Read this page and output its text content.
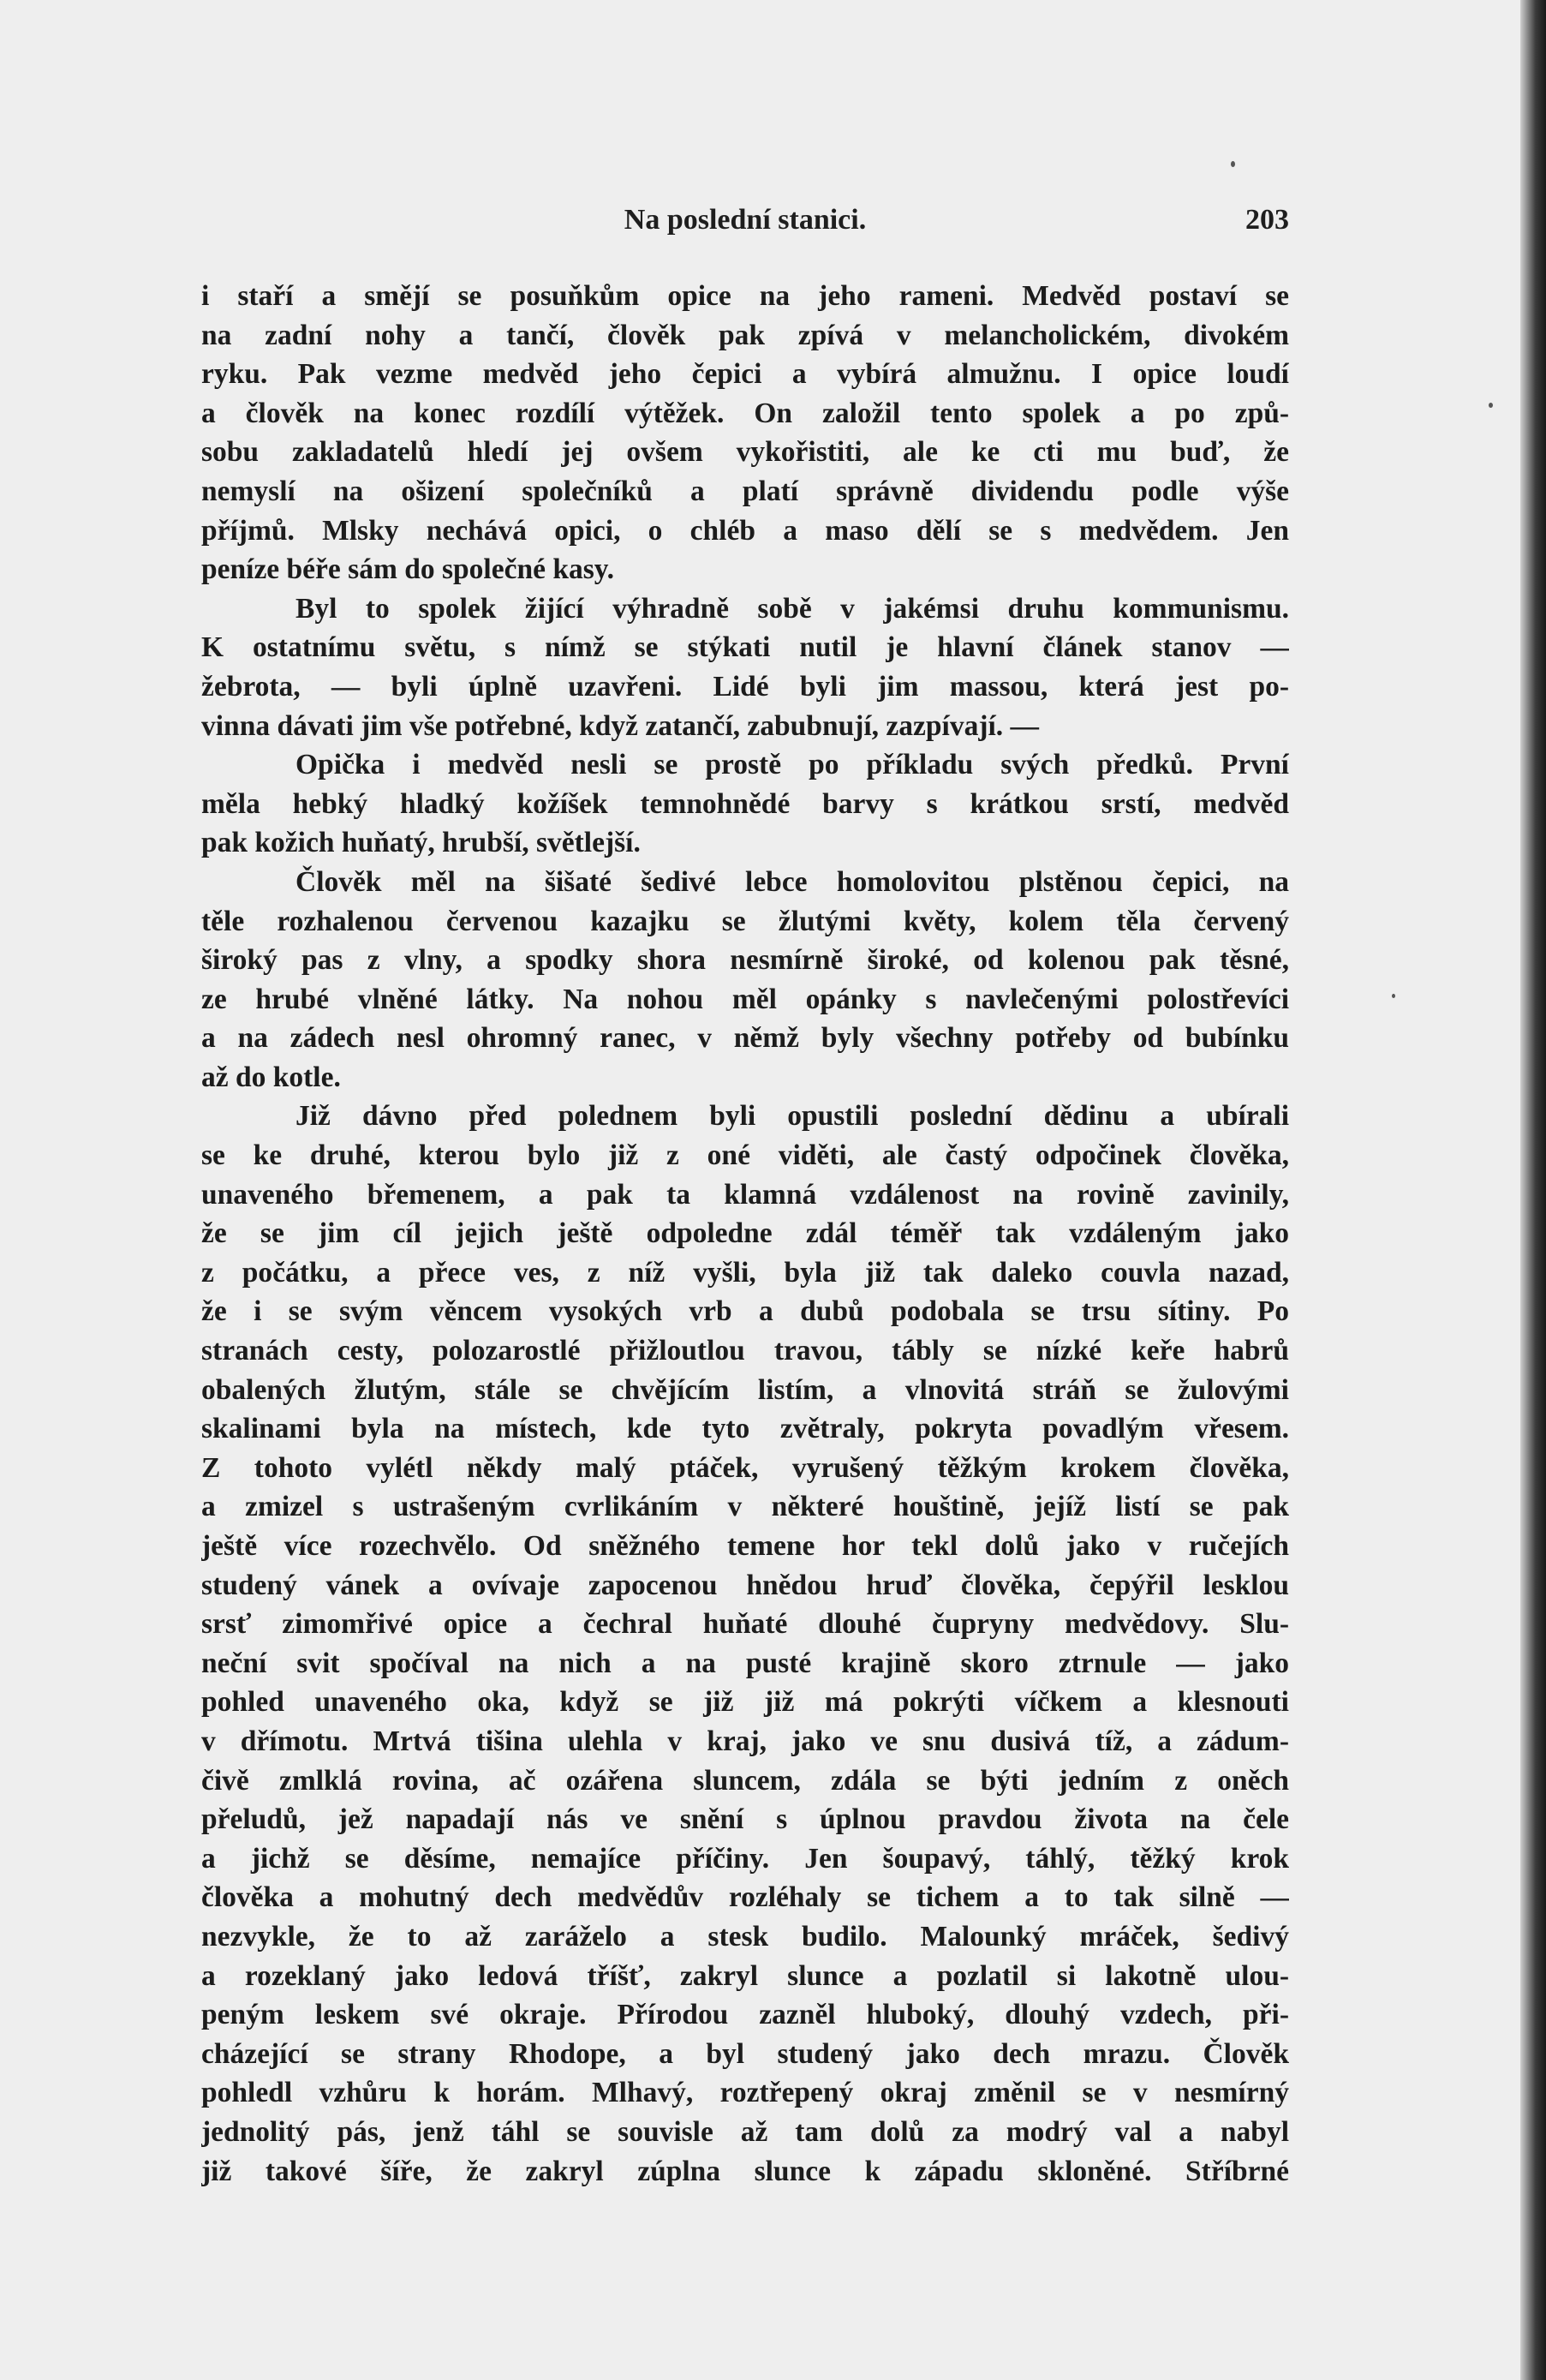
Na poslední stanici.	203
i staří a smějí se posuňkům opice na jeho rameni. Medvěd postaví se
na zadní nohy a tančí, člověk pak zpívá v melancholickém, divokém
ryku. Pak vezme medvěd jeho čepici a vybírá almužnu. I opice loudí
a člověk na konec rozdílí výtěžek. On založil tento spolek a po způ-
sobu zakladatelů hledí jej ovšem vykořistiti, ale ke cti mu buď, že
nemyslí na ošizení společníků a platí správně dividendu podle výše
příjmů. Mlsky nechává opici, o chléb a maso dělí se s medvědem. Jen
peníze béře sám do společné kasy.
Byl to spolek žijící výhradně sobě v jakémsi druhu kommunismu.
K ostatnímu světu, s nímž se stýkati nutil je hlavní článek stanov —
žebrota, — byli úplně uzavřeni. Lidé byli jim massou, která jest po-
vinna dávati jim vše potřebné, když zatančí, zabubnují, zazpívají. —
Opička i medvěd nesli se prostě po příkladu svých předků. První
měla hebký hladký kožíšek temnohnědé barvy s krátkou srstí, medvěd
pak kožich huňatý, hrubší, světlejší.
Člověk měl na šišaté šedivé lebce homolovitou plstěnou čepici, na
těle rozhalenou červenou kazajku se žlutými květy, kolem těla červený
široký pas z vlny, a spodky shora nesmírně široké, od kolenou pak těsné,
ze hrubé vlněné látky. Na nohou měl opánky s navlečenými polostřevíci
a na zádech nesl ohromný ranec, v němž byly všechny potřeby od bubínku
až do kotle.
Již dávno před polednem byli opustili poslední dědinu a ubírali
se ke druhé, kterou bylo již z oné viděti, ale častý odpočinek člověka,
unaveného břemenem, a pak ta klamná vzdálenost na rovině zavinily,
že se jim cíl jejich ještě odpoledne zdál téměř tak vzdáleným jako
z počátku, a přece ves, z níž vyšli, byla již tak daleko couvla nazad,
že i se svým věncem vysokých vrb a dubů podobala se trsu sítiny. Po
stranách cesty, polozarostlé přižloutlou travou, tábly se nízké keře habrů
obalených žlutým, stále se chvějícím listím, a vlnovitá stráň se žulovými
skalinami byla na místech, kde tyto zvětraly, pokryta povadlým vřesem.
Z tohoto vylétl někdy malý ptáček, vyrušený těžkým krokem člověka,
a zmizel s ustrašeným cvrlikáním v některé houštině, jejíž listí se pak
ještě více rozechvělo. Od sněžného temene hor tekl dolů jako v ručejích
studený vánek a ovívaje zapocenou hnědou hruď člověka, čepýřil lesklou
srsť zimomřivé opice a čechral huňaté dlouhé čupryny medvědovy. Slu-
neční svit spočíval na nich a na pusté krajině skoro ztrnule — jako
pohled unaveného oka, když se již již má pokrýti víčkem a klesnouti
v dřímotu. Mrtvá tišina ulehla v kraj, jako ve snu dusivá tíž, a zádum-
čivě zmlklá rovina, ač ozářena sluncem, zdála se býti jedním z oněch
přeludů, jež napadají nás ve snění s úplnou pravdou života na čele
a jichž se děsíme, nemajíce příčiny. Jen šoupavý, táhlý, těžký krok
člověka a mohutný dech medvědův rozléhaly se tichem a to tak silně —
nezvykle, že to až zaráželo a stesk budilo. Malounký mráček, šedivý
a rozeklaný jako ledová tříšť, zakryl slunce a pozlatil si lakotně ulou-
peným leskem své okraje. Přírodou zazněl hluboký, dlouhý vzdech, při-
cházející se strany Rhodope, a byl studený jako dech mrazu. Člověk
pohledl vzhůru k horám. Mlhavý, roztřepený okraj změnil se v nesmírný
jednolitý pás, jenž táhl se souvisle až tam dolů za modrý val a nabyl
již takové šíře, že zakryl zúplna slunce k západu skloněné. Stříbrné
